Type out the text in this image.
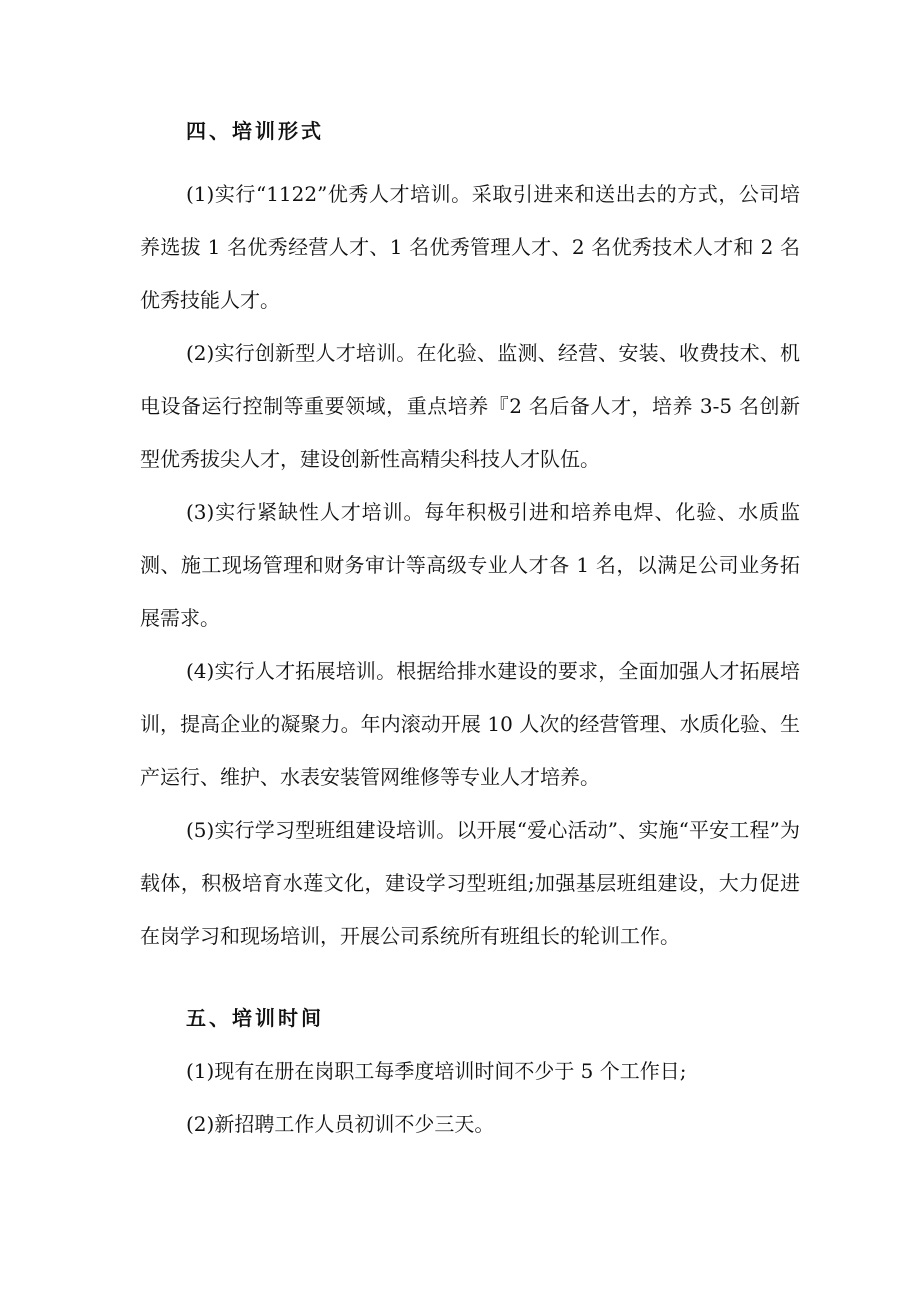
四、培训形式

(1)实行“1122”优秀人才培训。采取引进来和送出去的方式，公司培养选拔 1 名优秀经营人才、1 名优秀管理人才、2 名优秀技术人才和 2 名优秀技能人才。

(2)实行创新型人才培训。在化验、监测、经营、安装、收费技术、机电设备运行控制等重要领域，重点培养『2 名后备人才，培养 3-5 名创新型优秀拔尖人才，建设创新性高精尖科技人才队伍。

(3)实行紧缺性人才培训。每年积极引进和培养电焊、化验、水质监测、施工现场管理和财务审计等高级专业人才各 1 名，以满足公司业务拓展需求。

(4)实行人才拓展培训。根据给排水建设的要求，全面加强人才拓展培训，提高企业的凝聚力。年内滚动开展 10 人次的经营管理、水质化验、生产运行、维护、水表安装管网维修等专业人才培养。

(5)实行学习型班组建设培训。以开展“爱心活动”、实施“平安工程”为载体，积极培育水莲文化，建设学习型班组;加强基层班组建设，大力促进在岗学习和现场培训，开展公司系统所有班组长的轮训工作。

五、培训时间
(1)现有在册在岗职工每季度培训时间不少于 5 个工作日;
(2)新招聘工作人员初训不少三天。
